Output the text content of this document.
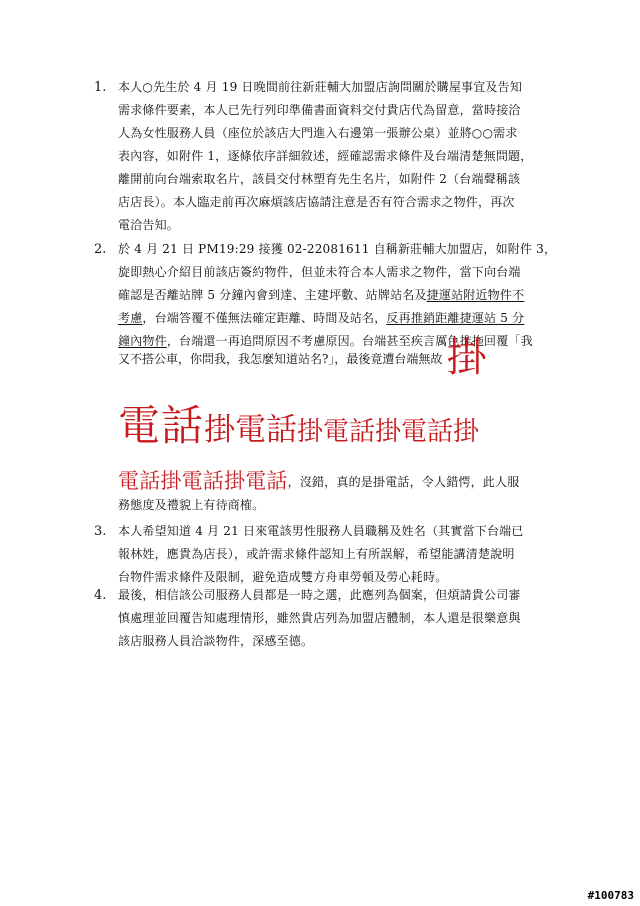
1. 本人○先生於 4 月 19 日晚間前往新莊輔大加盟店詢問關於購屋事宜及告知
需求條件要素，本人已先行列印準備書面資料交付貴店代為留意，當時接洽
人為女性服務人員（座位於該店大門進入右邊第一張辦公桌）並將○○需求
表內容，如附件 1，逐條依序詳細敘述，經確認需求條件及台端清楚無問題，
離開前向台端索取名片，該員交付林塑育先生名片，如附件 2（台端聲稱該
店店長）。本人臨走前再次麻煩該店協請注意是否有符合需求之物件，再次
電洽告知。
2. 於 4 月 21 日 PM19:29 接獲 02-22081611 自稱新莊輔大加盟店，如附件 3，
旋即熱心介紹目前該店簽約物件，但並未符合本人需求之物件，當下向台端
確認是否離站牌 5 分鐘內會到達、主建坪數、站牌站名及捷運站附近物件不
考慮，台端答覆不僅無法確定距離、時間及站名，反再推銷距離捷運站 5 分
鐘內物件，台端還一再追問原因不考慮原因。台端甚至疾言厲色推拖回覆「我
又不搭公車，你問我，我怎麼知道站名?」，最後竟遭台端無故 掛
電話掛電話掛電話掛電話掛
電話掛電話掛電話，沒錯，真的是掛電話，令人錯愕，此人服
務態度及禮貌上有待商榷。
3. 本人希望知道 4 月 21 日來電該男性服務人員職稱及姓名（其實當下台端已
報林姓，應貴為店長），或許需求條件認知上有所誤解，希望能講清楚說明
台物件需求條件及限制，避免造成雙方舟車勞頓及勞心耗時。
4. 最後，相信該公司服務人員都是一時之選，此應列為個案，但煩請貴公司審
慎處理並回覆告知處理情形，雖然貴店列為加盟店體制，本人還是很樂意與
該店服務人員洽談物件，深感至德。
#100783
